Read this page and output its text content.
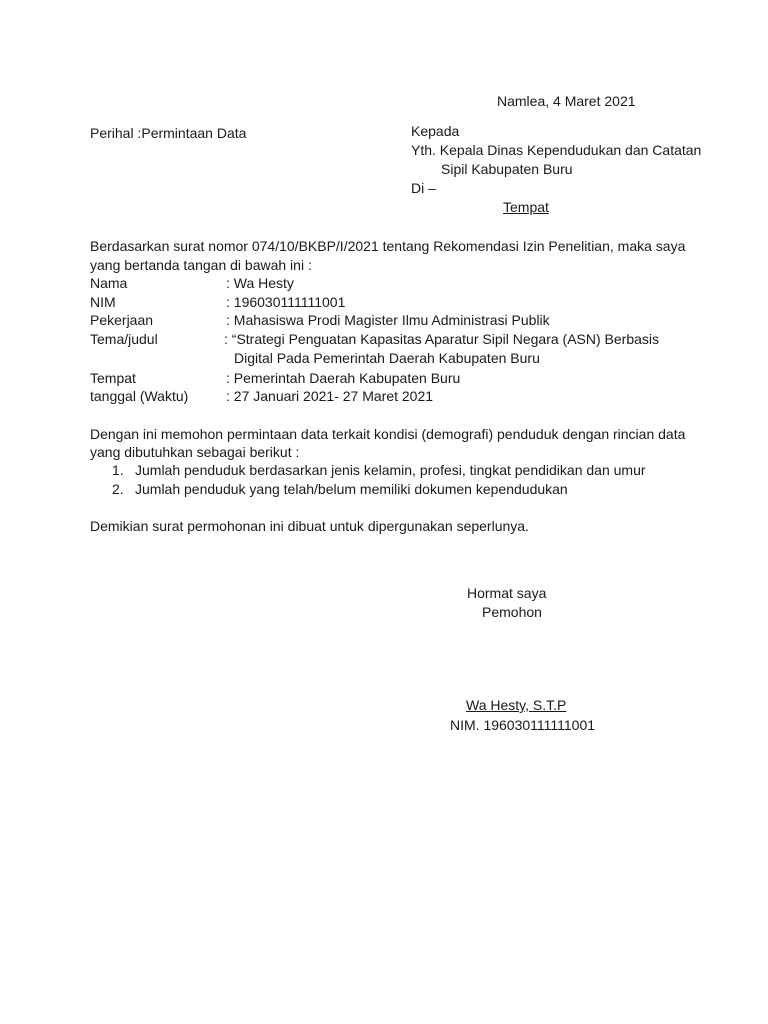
Namlea, 4 Maret 2021
Perihal :Permintaan Data	Kepada
Yth. Kepala Dinas Kependudukan dan Catatan
Sipil Kabupaten Buru
Di –
Tempat
Berdasarkan surat nomor 074/10/BKBP/I/2021 tentang Rekomendasi Izin Penelitian, maka saya
yang bertanda tangan di bawah ini :
Nama	: Wa Hesty
NIM	: 196030111111001
Pekerjaan	: Mahasiswa Prodi Magister Ilmu Administrasi Publik
Tema/judul	: “Strategi Penguatan Kapasitas Aparatur Sipil Negara (ASN) Berbasis
Digital Pada Pemerintah Daerah Kabupaten Buru
Tempat	: Pemerintah Daerah Kabupaten Buru
tanggal (Waktu)	: 27 Januari 2021- 27 Maret 2021
Dengan ini memohon permintaan data terkait kondisi (demografi) penduduk dengan rincian data
yang dibutuhkan sebagai berikut :
1. Jumlah penduduk berdasarkan jenis kelamin, profesi, tingkat pendidikan dan umur
2. Jumlah penduduk yang telah/belum memiliki dokumen kependudukan
Demikian surat permohonan ini dibuat untuk dipergunakan seperlunya.
Hormat saya
Pemohon
Wa Hesty, S.T.P
NIM. 196030111111001
